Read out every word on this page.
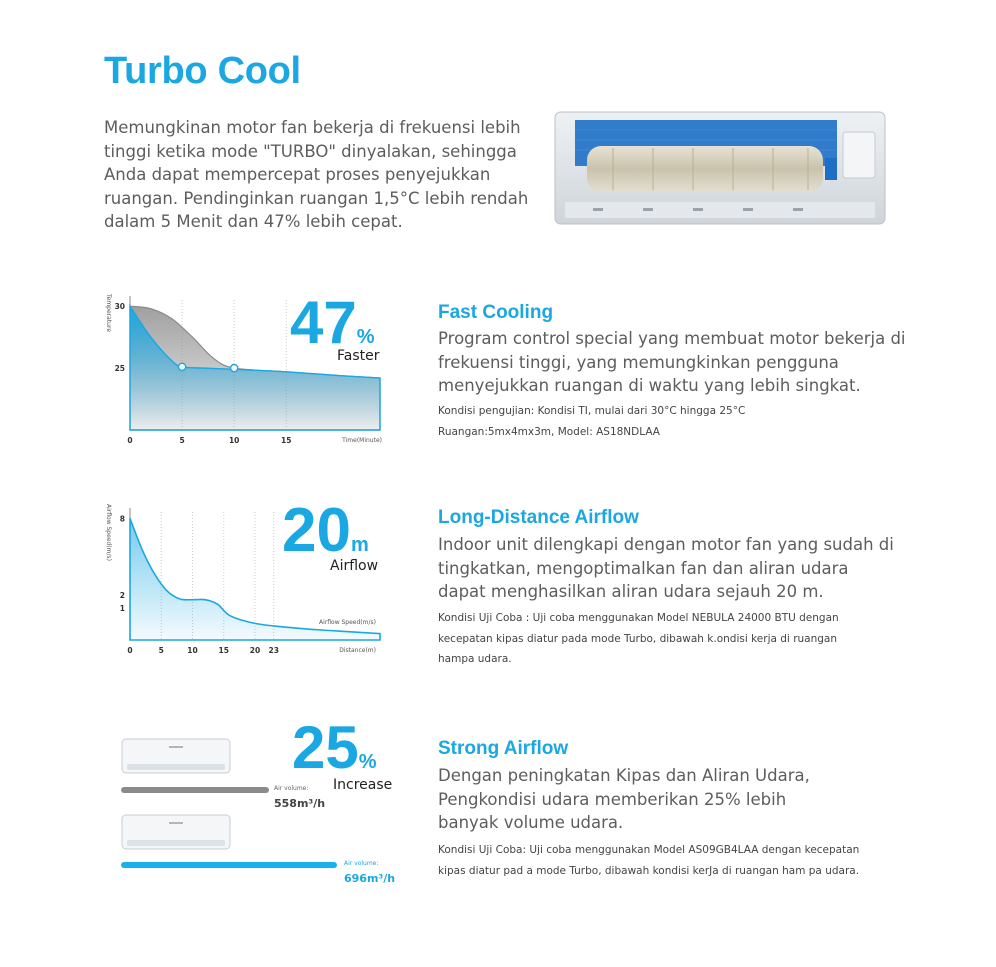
Turbo Cool

Memungkinan motor fan bekerja di frekuensi lebih tinggi ketika mode "TURBO" dinyalakan, sehingga Anda dapat mempercepat proses penyejukkan ruangan. Pendinginkan ruangan 1,5°C lebih rendah dalam 5 Menit dan 47% lebih cepat.

0	5	10	15
30
25
Temperature
Time(Minute)
47%
Faster
Fast Cooling

Program control special yang membuat motor bekerja di frekuensi tinggi, yang memungkinkan pengguna menyejukkan ruangan di waktu yang lebih singkat.

Kondisi pengujian: Kondisi TI, mulai dari 30°C hingga 25°C

Ruangan:5mx4mx3m, Model: AS18NDLAA

0	5	10	15	20 23
8
2
1
Airflow Speed(m/s)
Airflow Speed(m/s)
Distance(m)
20m
Airflow
Long-Distance Airflow

Indoor unit dilengkapi dengan motor fan yang sudah di tingkatkan, mengoptimalkan fan dan aliran udara dapat menghasilkan aliran udara sejauh 20 m.

Kondisi Uji Coba : Uji coba menggunakan Model NEBULA 24000 BTU dengan

kecepatan kipas diatur pada mode Turbo, dibawah k.ondisi kerja di ruangan

hampa udara.

Air volume:
558m³/h
Air volume:
696m³/h
25%
Increase
Strong Airflow

Dengan peningkatan Kipas dan Aliran Udara, Pengkondisi udara memberikan 25% lebih banyak volume udara.

Kondisi Uji Coba: Uji coba menggunakan Model AS09GB4LAA dengan kecepatan

kipas diatur pad a mode Turbo, dibawah kondisi kerJa di ruangan ham pa udara.
